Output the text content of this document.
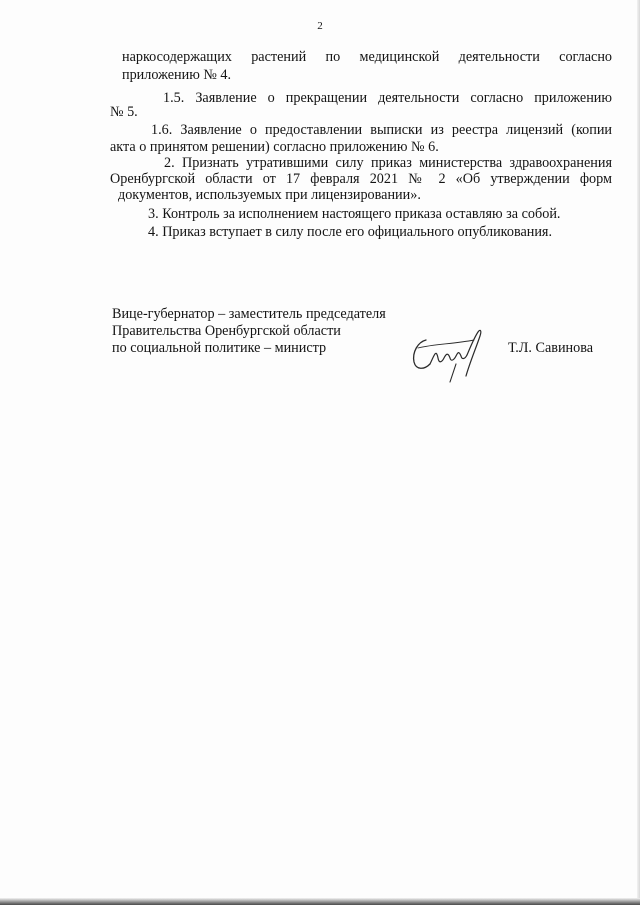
2
наркосодержащих растений по медицинской деятельности согласно
приложению № 4.
1.5. Заявление о прекращении деятельности согласно приложению
№ 5.
1.6. Заявление о предоставлении выписки из реестра лицензий (копии
акта о принятом решении) согласно приложению № 6.
2. Признать утратившими силу приказ министерства здравоохранения
Оренбургской области от 17 февраля 2021 № 2 «Об утверждении форм
документов, используемых при лицензировании».
3. Контроль за исполнением настоящего приказа оставляю за собой.
4. Приказ вступает в силу после его официального опубликования.
Вице-губернатор – заместитель председателя
Правительства Оренбургской области
по социальной политике – министр	Т.Л. Савинова
